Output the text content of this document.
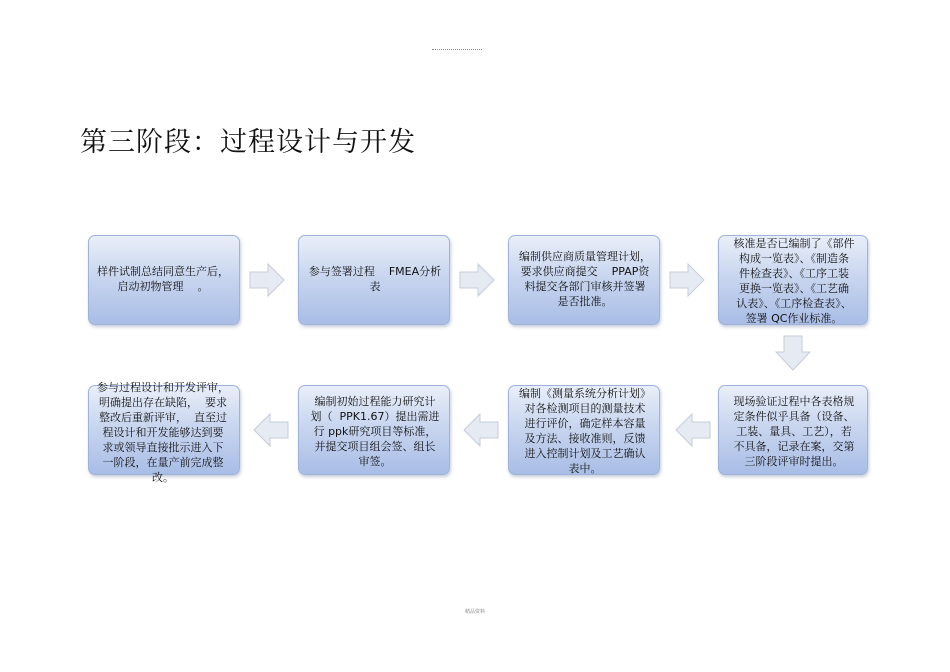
第三阶段：过程设计与开发
样件试制总结同意生产后，
启动初物管理    。
参与签署过程    FMEA分析
表
编制供应商质量管理计划，
要求供应商提交    PPAP资
料提交各部门审核并签署
是否批准。
核准是否已编制了《部件
构成一览表》、《制造条
件检查表》、《工序工装
更换一览表》、《工艺确
认表》、《工序检查表》、
签署 QC作业标准。
现场验证过程中各表格规
定条件似乎具备（设备、
工装、量具、工艺），若
不具备，记录在案，交第
三阶段评审时提出。
编制《测量系统分析计划》
对各检测项目的测量技术
进行评价，确定样本容量
及方法、接收准则，反馈
进入控制计划及工艺确认
表中。
编制初始过程能力研究计
划（  PPK1.67）提出需进
行 ppk研究项目等标准，
并提交项目组会签、组长
审签。
参与过程设计和开发评审，
明确提出存在缺陷，  要求
整改后重新评审，  直至过
程设计和开发能够达到要
求或领导直接批示进入下
一阶段，在量产前完成整
改。
精品资料
